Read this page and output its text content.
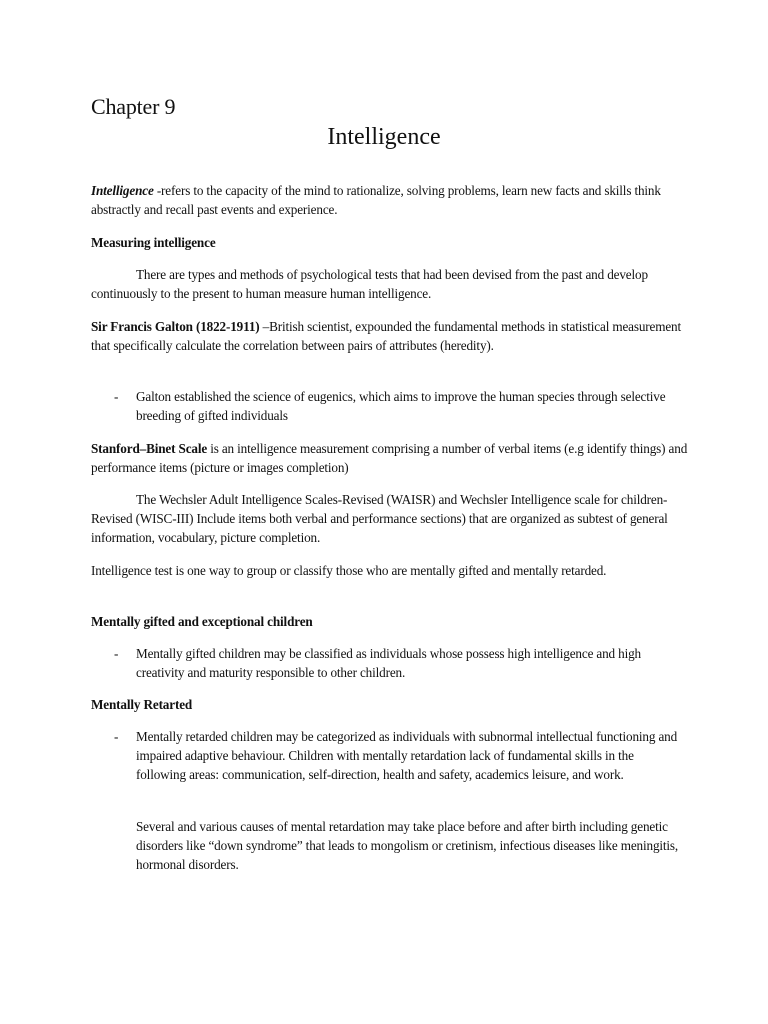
Chapter 9
Intelligence
Intelligence -refers to the capacity of the mind to rationalize, solving problems, learn new facts and skills think abstractly and recall past events and experience.
Measuring intelligence
There are types and methods of psychological tests that had been devised from the past and develop continuously to the present to human measure human intelligence.
Sir Francis Galton (1822-1911) –British scientist, expounded the fundamental methods in statistical measurement that specifically calculate the correlation between pairs of attributes (heredity).
- Galton established the science of eugenics, which aims to improve the human species through selective breeding of gifted individuals
Stanford–Binet Scale is an intelligence measurement comprising a number of verbal items (e.g identify things) and performance items (picture or images completion)
The Wechsler Adult Intelligence Scales-Revised (WAISR) and Wechsler Intelligence scale for children-Revised (WISC-III) Include items both verbal and performance sections) that are organized as subtest of general information, vocabulary, picture completion.
Intelligence test is one way to group or classify those who are mentally gifted and mentally retarded.
Mentally gifted and exceptional children
- Mentally gifted children may be classified as individuals whose possess high intelligence and high creativity and maturity responsible to other children.
Mentally Retarted
- Mentally retarded children may be categorized as individuals with subnormal intellectual functioning and impaired adaptive behaviour. Children with mentally retardation lack of fundamental skills in the following areas: communication, self-direction, health and safety, academics leisure, and work.
Several and various causes of mental retardation may take place before and after birth including genetic disorders like “down syndrome” that leads to mongolism or cretinism, infectious diseases like meningitis, hormonal disorders.
